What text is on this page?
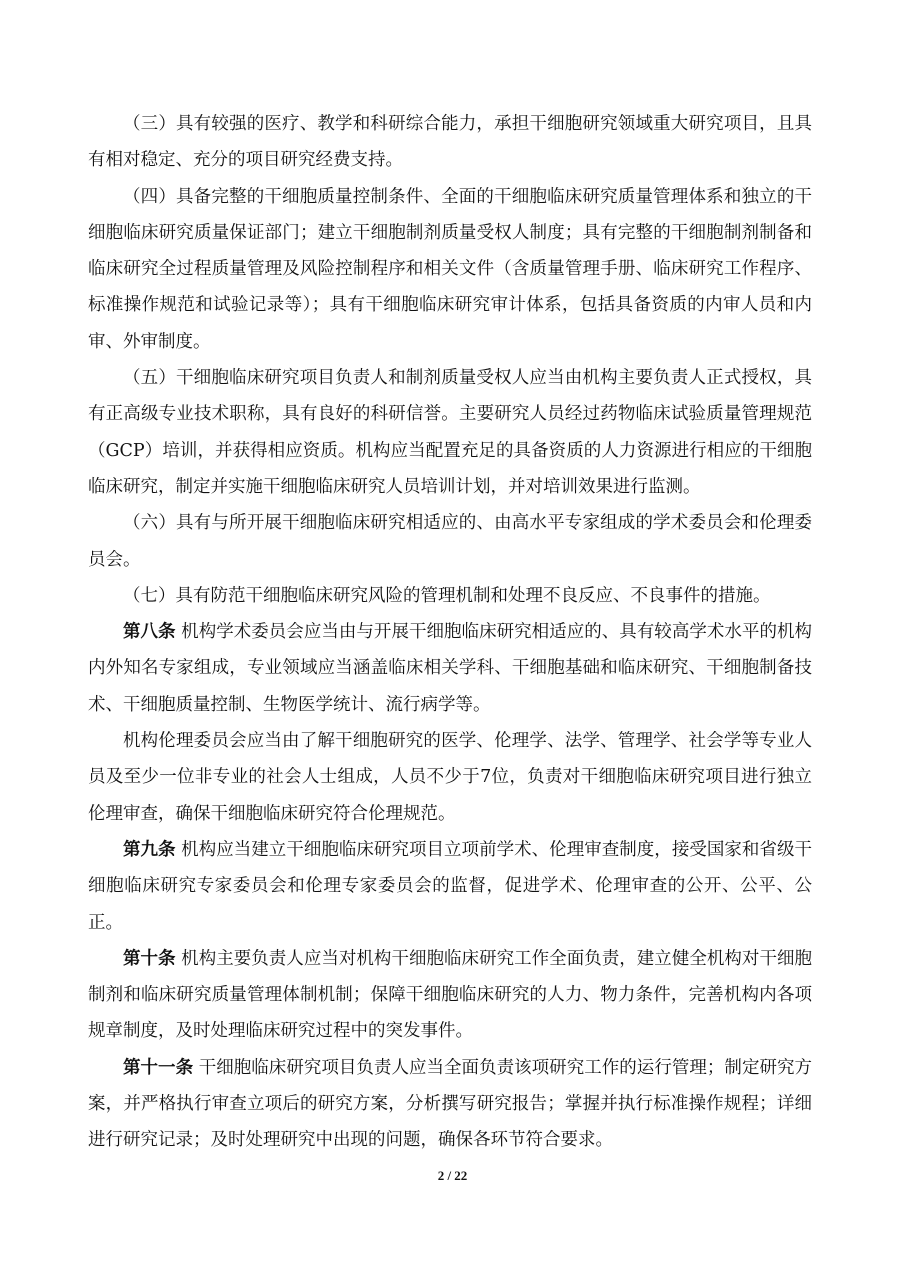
（三）具有较强的医疗、教学和科研综合能力，承担干细胞研究领域重大研究项目，且具有相对稳定、充分的项目研究经费支持。

（四）具备完整的干细胞质量控制条件、全面的干细胞临床研究质量管理体系和独立的干细胞临床研究质量保证部门；建立干细胞制剂质量受权人制度；具有完整的干细胞制剂制备和临床研究全过程质量管理及风险控制程序和相关文件（含质量管理手册、临床研究工作程序、标准操作规范和试验记录等）；具有干细胞临床研究审计体系，包括具备资质的内审人员和内审、外审制度。

（五）干细胞临床研究项目负责人和制剂质量受权人应当由机构主要负责人正式授权，具有正高级专业技术职称，具有良好的科研信誉。主要研究人员经过药物临床试验质量管理规范（GCP）培训，并获得相应资质。机构应当配置充足的具备资质的人力资源进行相应的干细胞临床研究，制定并实施干细胞临床研究人员培训计划，并对培训效果进行监测。

（六）具有与所开展干细胞临床研究相适应的、由高水平专家组成的学术委员会和伦理委员会。

（七）具有防范干细胞临床研究风险的管理机制和处理不良反应、不良事件的措施。

第八条 机构学术委员会应当由与开展干细胞临床研究相适应的、具有较高学术水平的机构内外知名专家组成，专业领域应当涵盖临床相关学科、干细胞基础和临床研究、干细胞制备技术、干细胞质量控制、生物医学统计、流行病学等。

机构伦理委员会应当由了解干细胞研究的医学、伦理学、法学、管理学、社会学等专业人员及至少一位非专业的社会人士组成，人员不少于7位，负责对干细胞临床研究项目进行独立伦理审查，确保干细胞临床研究符合伦理规范。

第九条 机构应当建立干细胞临床研究项目立项前学术、伦理审查制度，接受国家和省级干细胞临床研究专家委员会和伦理专家委员会的监督，促进学术、伦理审查的公开、公平、公正。

第十条 机构主要负责人应当对机构干细胞临床研究工作全面负责，建立健全机构对干细胞制剂和临床研究质量管理体制机制；保障干细胞临床研究的人力、物力条件，完善机构内各项规章制度，及时处理临床研究过程中的突发事件。

第十一条 干细胞临床研究项目负责人应当全面负责该项研究工作的运行管理；制定研究方案，并严格执行审查立项后的研究方案，分析撰写研究报告；掌握并执行标准操作规程；详细进行研究记录；及时处理研究中出现的问题，确保各环节符合要求。

2 / 22
